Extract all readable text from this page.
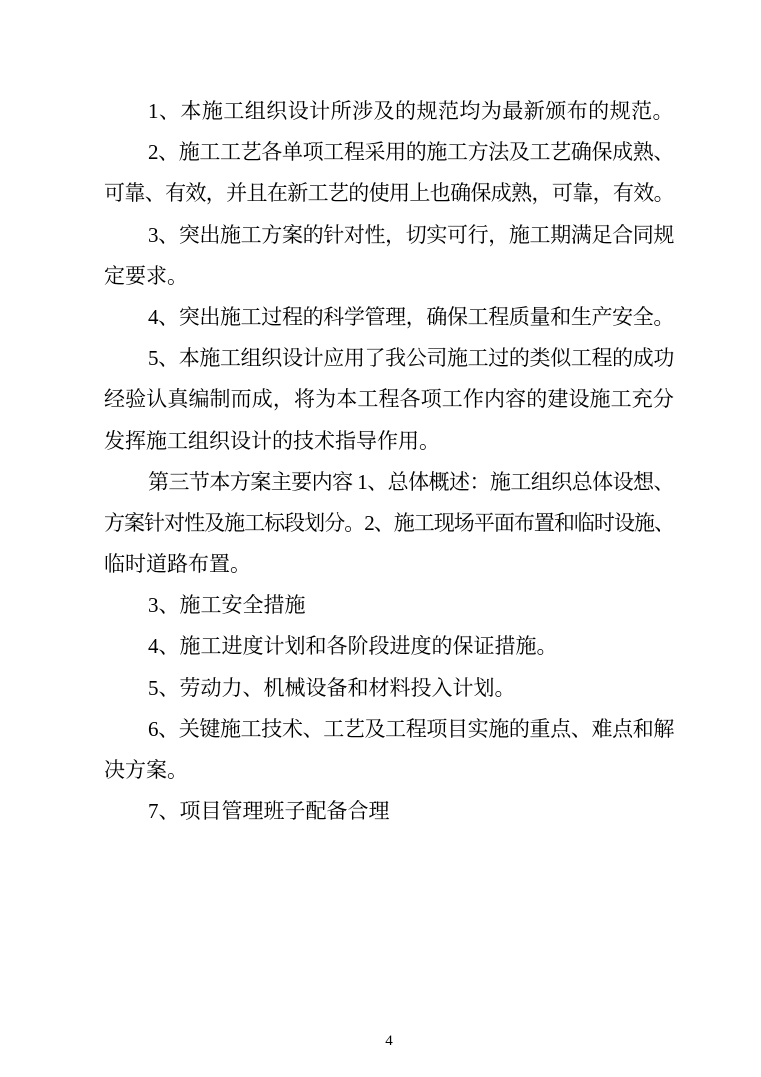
1、本施工组织设计所涉及的规范均为最新颁布的规范。
2、施工工艺各单项工程采用的施工方法及工艺确保成熟、
可靠、有效，并且在新工艺的使用上也确保成熟，可靠，有效。
3、突出施工方案的针对性，切实可行，施工期满足合同规
定要求。
4、突出施工过程的科学管理，确保工程质量和生产安全。
5、本施工组织设计应用了我公司施工过的类似工程的成功
经验认真编制而成，将为本工程各项工作内容的建设施工充分
发挥施工组织设计的技术指导作用。
第三节本方案主要内容 1、总体概述：施工组织总体设想、
方案针对性及施工标段划分。2、施工现场平面布置和临时设施、
临时道路布置。
3、施工安全措施
4、施工进度计划和各阶段进度的保证措施。
5、劳动力、机械设备和材料投入计划。
6、关键施工技术、工艺及工程项目实施的重点、难点和解
决方案。
7、项目管理班子配备合理
4
